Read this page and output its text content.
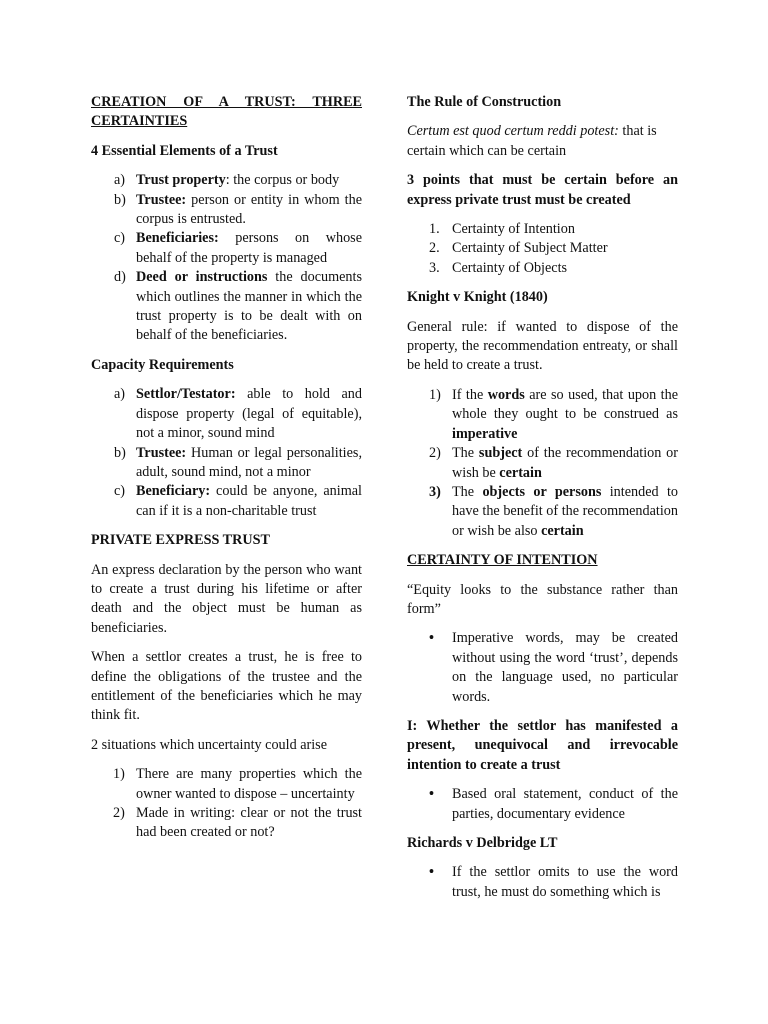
CREATION OF A TRUST: THREE CERTAINTIES

4 Essential Elements of a Trust

a) Trust property: the corpus or body
b) Trustee: person or entity in whom the corpus is entrusted.
c) Beneficiaries: persons on whose behalf of the property is managed
d) Deed or instructions the documents which outlines the manner in which the trust property is to be dealt with on behalf of the beneficiaries.

Capacity Requirements

a) Settlor/Testator: able to hold and dispose property (legal of equitable), not a minor, sound mind
b) Trustee: Human or legal personalities, adult, sound mind, not a minor
c) Beneficiary: could be anyone, animal can if it is a non-charitable trust

PRIVATE EXPRESS TRUST

An express declaration by the person who want to create a trust during his lifetime or after death and the object must be human as beneficiaries.

When a settlor creates a trust, he is free to define the obligations of the trustee and the entitlement of the beneficiaries which he may think fit.

2 situations which uncertainty could arise

1) There are many properties which the owner wanted to dispose – uncertainty
2) Made in writing: clear or not the trust had been created or not?

The Rule of Construction

Certum est quod certum reddi potest: that is certain which can be certain

3 points that must be certain before an express private trust must be created

1. Certainty of Intention
2. Certainty of Subject Matter
3. Certainty of Objects

Knight v Knight (1840)

General rule: if wanted to dispose of the property, the recommendation entreaty, or shall be held to create a trust.

1) If the words are so used, that upon the whole they ought to be construed as imperative
2) The subject of the recommendation or wish be certain
3) The objects or persons intended to have the benefit of the recommendation or wish be also certain

CERTAINTY OF INTENTION

“Equity looks to the substance rather than form”

•	Imperative words, may be created without using the word ‘trust’, depends on the language used, no particular words.

I: Whether the settlor has manifested a present, unequivocal and irrevocable intention to create a trust

•	Based oral statement, conduct of the parties, documentary evidence

Richards v Delbridge LT

•	If the settlor omits to use the word trust, he must do something which is
